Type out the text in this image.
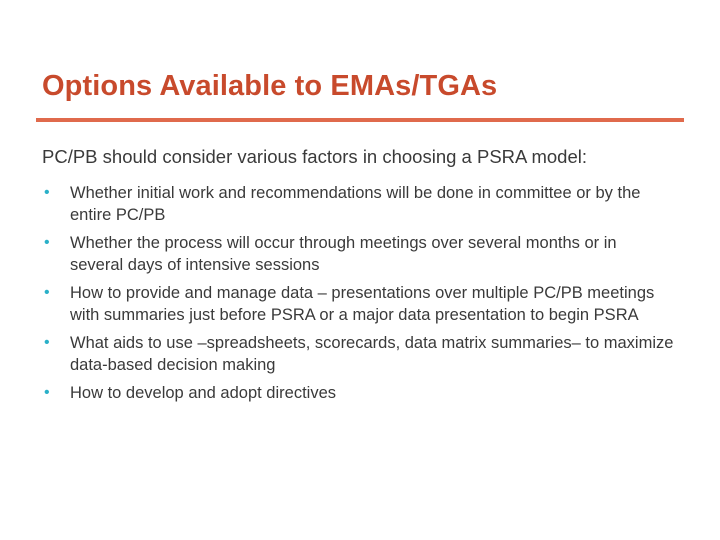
Options Available to EMAs/TGAs
PC/PB should consider various factors in choosing a PSRA model:
• Whether initial work and recommendations will be done in committee or by the entire PC/PB
• Whether the process will occur through meetings over several months or in several days of intensive sessions
• How to provide and manage data – presentations over multiple PC/PB meetings with summaries just before PSRA or a major data presentation to begin PSRA
• What aids to use –spreadsheets, scorecards, data matrix summaries– to maximize data-based decision making
• How to develop and adopt directives
